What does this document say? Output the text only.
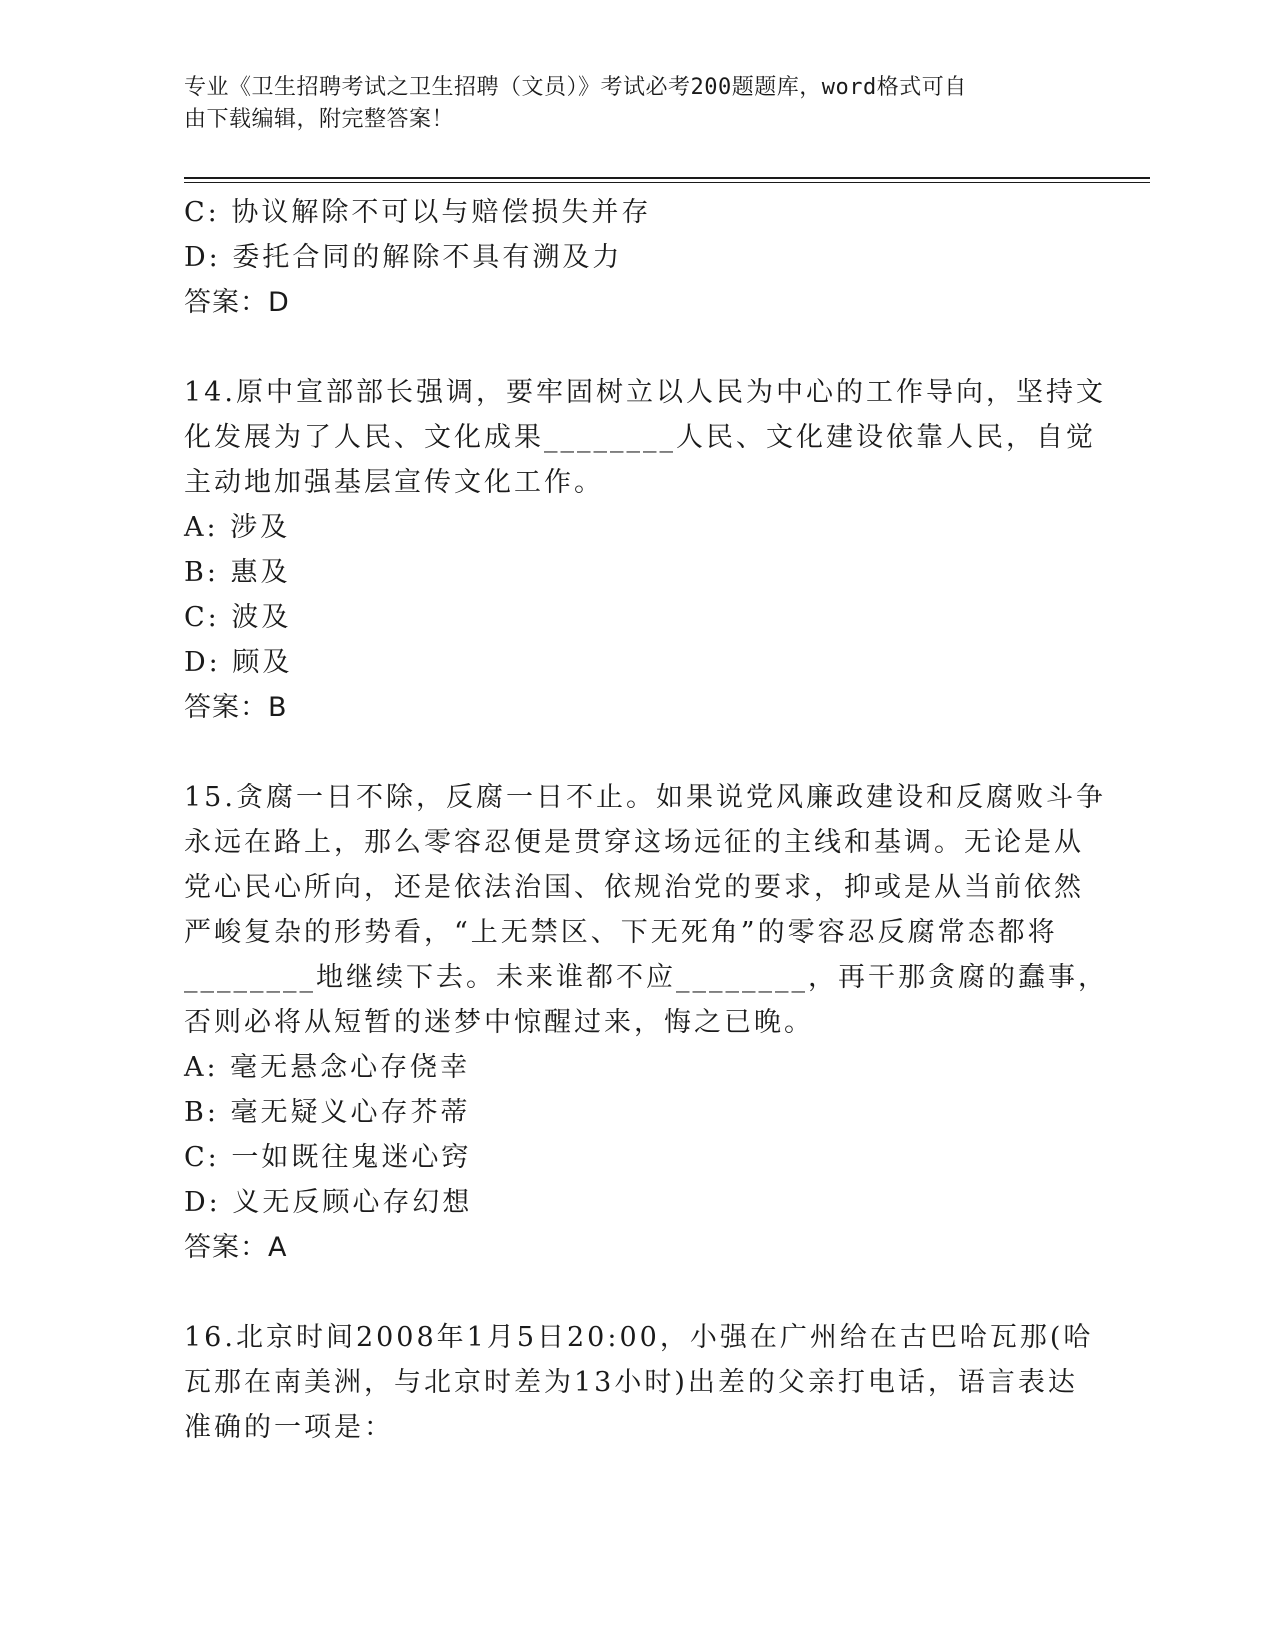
专业《卫生招聘考试之卫生招聘（文员）》考试必考200题题库，word格式可自
由下载编辑，附完整答案！
C: 协议解除不可以与赔偿损失并存
D: 委托合同的解除不具有溯及力
答案：D
14.原中宣部部长强调，要牢固树立以人民为中心的工作导向，坚持文
化发展为了人民、文化成果________人民、文化建设依靠人民，自觉
主动地加强基层宣传文化工作。
A: 涉及
B: 惠及
C: 波及
D: 顾及
答案：B
15.贪腐一日不除，反腐一日不止。如果说党风廉政建设和反腐败斗争
永远在路上，那么零容忍便是贯穿这场远征的主线和基调。无论是从
党心民心所向，还是依法治国、依规治党的要求，抑或是从当前依然
严峻复杂的形势看，“上无禁区、下无死角”的零容忍反腐常态都将
________地继续下去。未来谁都不应________，再干那贪腐的蠢事，
否则必将从短暂的迷梦中惊醒过来，悔之已晚。
A: 毫无悬念心存侥幸
B: 毫无疑义心存芥蒂
C: 一如既往鬼迷心窍
D: 义无反顾心存幻想
答案：A
16.北京时间2008年1月5日20:00，小强在广州给在古巴哈瓦那(哈
瓦那在南美洲，与北京时差为13小时)出差的父亲打电话，语言表达
准确的一项是：
